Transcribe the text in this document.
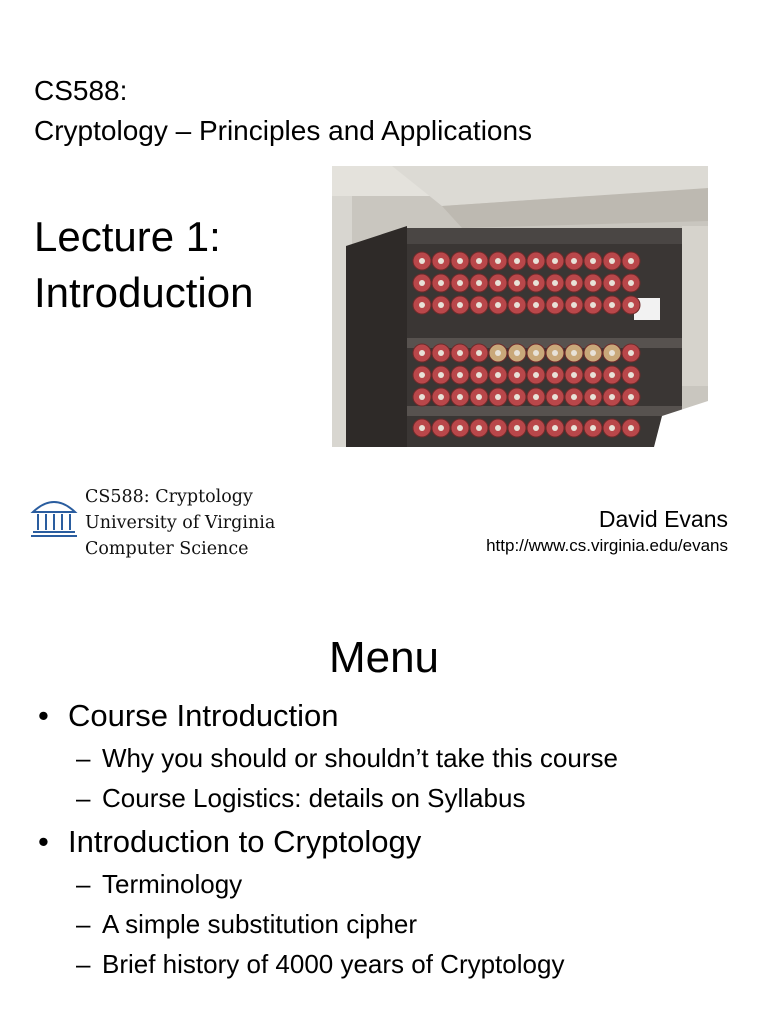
CS588:
Cryptology – Principles and Applications
Lecture 1:
Introduction
CS588: Cryptology
University of Virginia
Computer Science
David Evans
http://www.cs.virginia.edu/evans
Menu
• Course Introduction
– Why you should or shouldn’t take this course
– Course Logistics: details on Syllabus
• Introduction to Cryptology
– Terminology
– A simple substitution cipher
– Brief history of 4000 years of Cryptology
